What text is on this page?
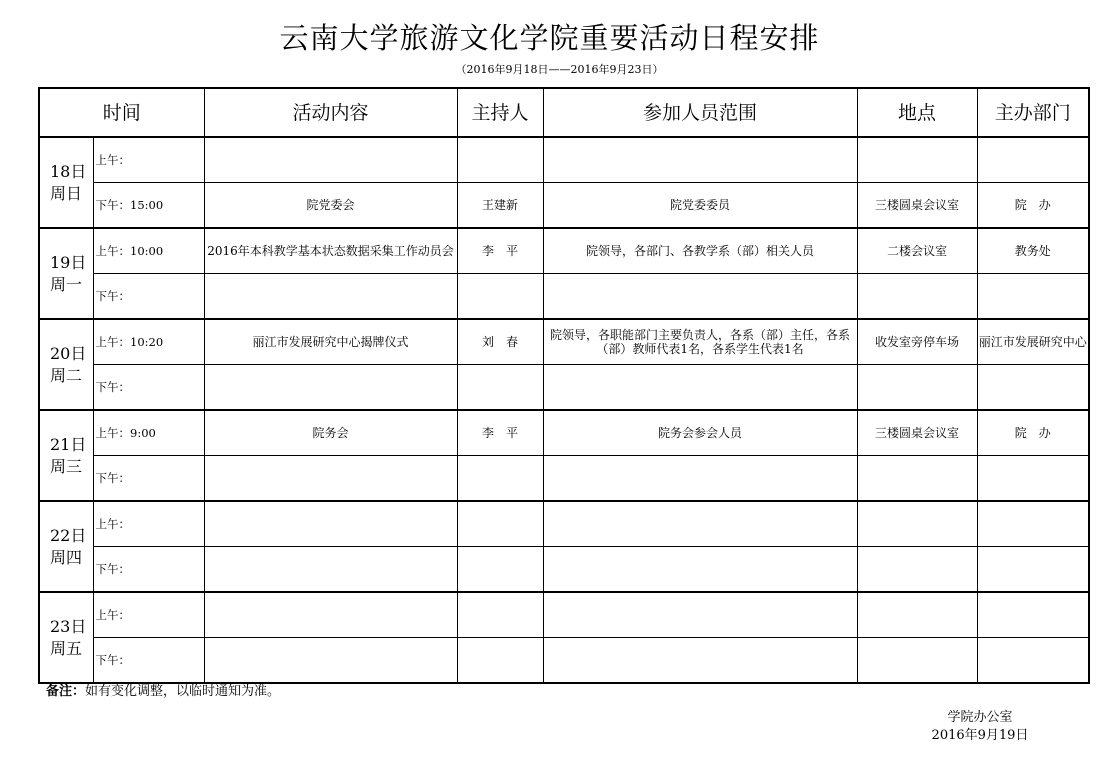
云南大学旅游文化学院重要活动日程安排
（2016年9月18日——2016年9月23日）
时间		活动内容	主持人	参加人员范围	地点	主办部门

18日
周日	上午：					
	下午：15:00	院党委会	王建新	院党委委员	三楼圆桌会议室	院　办

19日
周一	上午：10:00	2016年本科教学基本状态数据采集工作动员会	李　平	院领导，各部门、各教学系（部）相关人员	二楼会议室	教务处
	下午：					

20日
周二	上午：10:20	丽江市发展研究中心揭牌仪式	刘　春	院领导，各职能部门主要负责人，各系（部）主任，各系（部）教师代表1名，各系学生代表1名	收发室旁停车场	丽江市发展研究中心
	下午：					

21日
周三	上午：9:00	院务会	李　平	院务会参会人员	三楼圆桌会议室	院　办
	下午：					

22日
周四	上午：					
	下午：					

23日
周五	上午：					
	下午：					
备注：如有变化调整，以临时通知为准。
学院办公室
2016年9月19日
